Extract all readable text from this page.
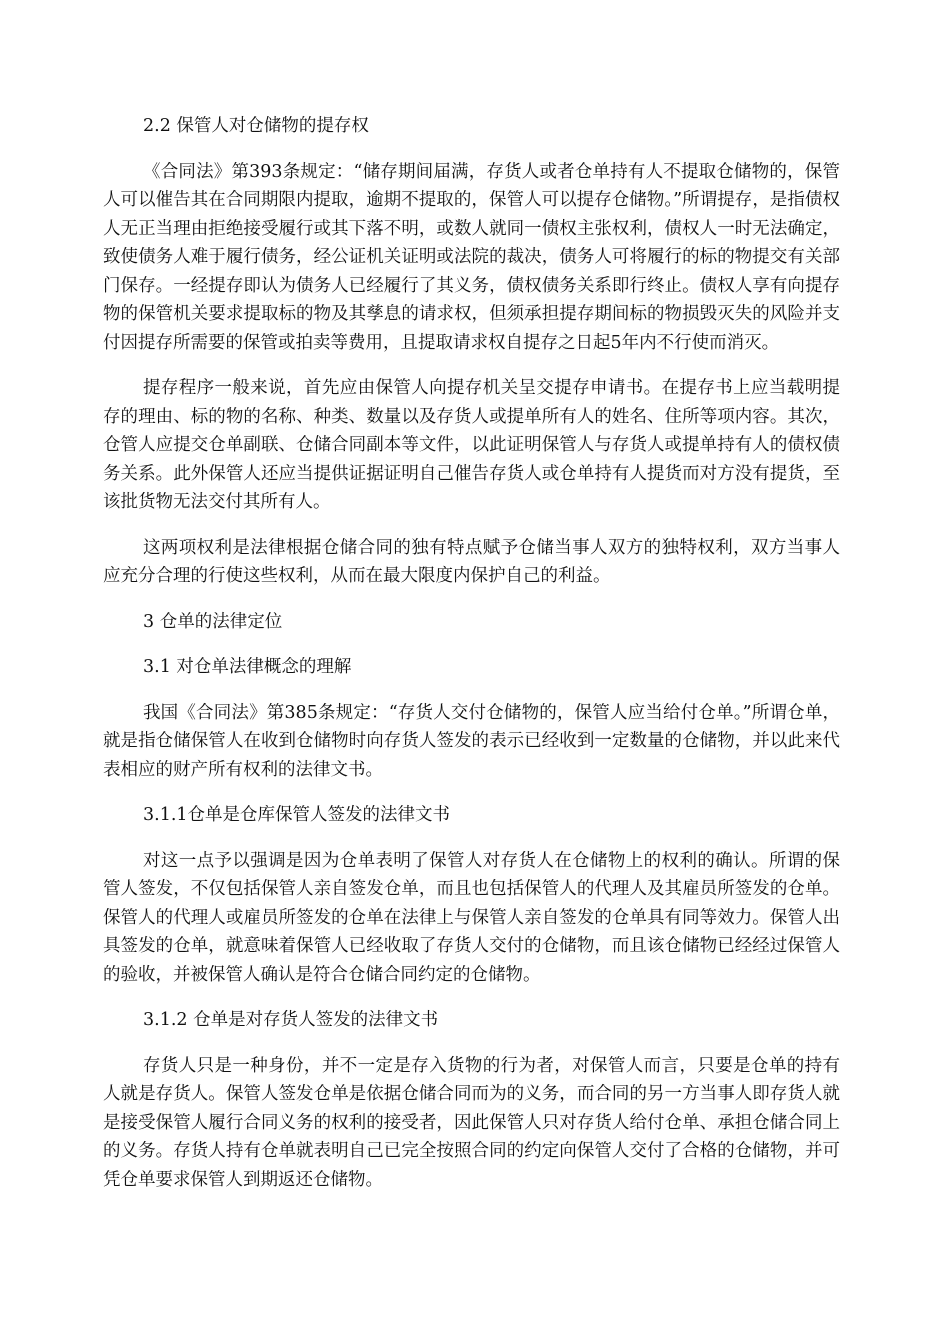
2.2 保管人对仓储物的提存权
《合同法》第393条规定：“储存期间届满，存货人或者仓单持有人不提取仓储物的，保管人可以催告其在合同期限内提取，逾期不提取的，保管人可以提存仓储物。”所谓提存，是指债权人无正当理由拒绝接受履行或其下落不明，或数人就同一债权主张权利，债权人一时无法确定，致使债务人难于履行债务，经公证机关证明或法院的裁决，债务人可将履行的标的物提交有关部门保存。一经提存即认为债务人已经履行了其义务，债权债务关系即行终止。债权人享有向提存物的保管机关要求提取标的物及其孳息的请求权，但须承担提存期间标的物损毁灭失的风险并支付因提存所需要的保管或拍卖等费用，且提取请求权自提存之日起5年内不行使而消灭。
提存程序一般来说，首先应由保管人向提存机关呈交提存申请书。在提存书上应当载明提存的理由、标的物的名称、种类、数量以及存货人或提单所有人的姓名、住所等项内容。其次，仓管人应提交仓单副联、仓储合同副本等文件，以此证明保管人与存货人或提单持有人的债权债务关系。此外保管人还应当提供证据证明自己催告存货人或仓单持有人提货而对方没有提货，至该批货物无法交付其所有人。
这两项权利是法律根据仓储合同的独有特点赋予仓储当事人双方的独特权利，双方当事人应充分合理的行使这些权利，从而在最大限度内保护自己的利益。
3 仓单的法律定位
3.1 对仓单法律概念的理解
我国《合同法》第385条规定：“存货人交付仓储物的，保管人应当给付仓单。”所谓仓单，就是指仓储保管人在收到仓储物时向存货人签发的表示已经收到一定数量的仓储物，并以此来代表相应的财产所有权利的法律文书。
3.1.1仓单是仓库保管人签发的法律文书
对这一点予以强调是因为仓单表明了保管人对存货人在仓储物上的权利的确认。所谓的保管人签发，不仅包括保管人亲自签发仓单，而且也包括保管人的代理人及其雇员所签发的仓单。保管人的代理人或雇员所签发的仓单在法律上与保管人亲自签发的仓单具有同等效力。保管人出具签发的仓单，就意味着保管人已经收取了存货人交付的仓储物，而且该仓储物已经经过保管人的验收，并被保管人确认是符合仓储合同约定的仓储物。
3.1.2 仓单是对存货人签发的法律文书
存货人只是一种身份，并不一定是存入货物的行为者，对保管人而言，只要是仓单的持有人就是存货人。保管人签发仓单是依据仓储合同而为的义务，而合同的另一方当事人即存货人就是接受保管人履行合同义务的权利的接受者，因此保管人只对存货人给付仓单、承担仓储合同上的义务。存货人持有仓单就表明自己已完全按照合同的约定向保管人交付了合格的仓储物，并可凭仓单要求保管人到期返还仓储物。
